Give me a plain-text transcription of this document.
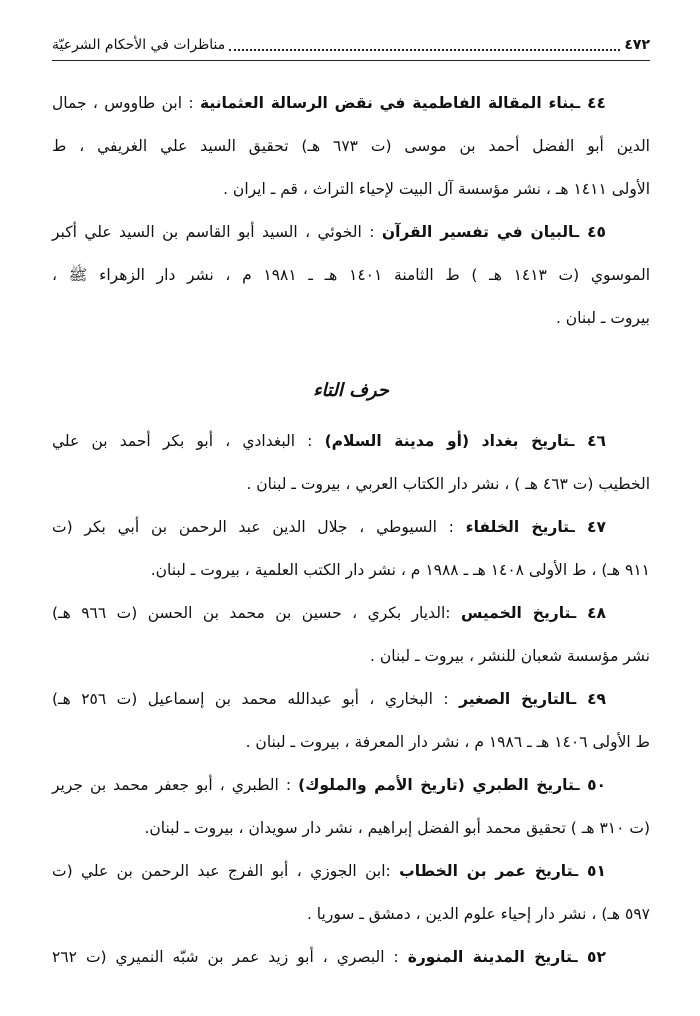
٤٧٢
مناظرات في الأحكام الشرعيّة
٤٤ ـبناء المقالة الفاطمية في نقض الرسالة العثمانية : ابن طاووس ، جمال
الدين أبو الفضل أحمد بن موسى (ت ٦٧٣ هـ) تحقيق السيد علي الغريفي ، ط
الأولى ١٤١١ هـ ، نشر مؤسسة آل البيت لإحياء التراث ، قم ـ ايران .
٤٥ ـالبيان في تفسير القرآن : الخوئي ، السيد أبو القاسم بن السيد علي أكبر
الموسوي (ت ١٤١٣ هـ ) ط الثامنة ١٤٠١ هـ ـ ١٩٨١ م ، نشر دار الزهراء ﷺ ،
بيروت ـ لبنان .
حرف التاء
٤٦ ـتاريخ بغداد (أو مدينة السلام) : البغدادي ، أبو بكر أحمد بن علي
الخطيب (ت ٤٦٣ هـ ) ، نشر دار الكتاب العربي ، بيروت ـ لبنان .
٤٧ ـتاريخ الخلفاء : السيوطي ، جلال الدين عبد الرحمن بن أبي بكر (ت
٩١١ هـ) ، ط الأولى ١٤٠٨ هـ ـ ١٩٨٨ م ، نشر دار الكتب العلمية ، بيروت ـ لبنان.
٤٨ ـتاريخ الخميس :الديار بكري ، حسين بن محمد بن الحسن (ت ٩٦٦ هـ)
نشر مؤسسة شعبان للنشر ، بيروت ـ لبنان .
٤٩ ـالتاريخ الصغير : البخاري ، أبو عبدالله محمد بن إسماعيل (ت ٢٥٦ هـ)
ط الأولى ١٤٠٦ هـ ـ ١٩٨٦ م ، نشر دار المعرفة ، بيروت ـ لبنان .
٥٠ ـتاريخ الطبري (تاريخ الأمم والملوك) : الطبري ، أبو جعفر محمد بن جرير
(ت ٣١٠ هـ ) تحقيق محمد أبو الفضل إبراهيم ، نشر دار سويدان ، بيروت ـ لبنان.
٥١ ـتاريخ عمر بن الخطاب :ابن الجوزي ، أبو الفرج عبد الرحمن بن علي (ت
٥٩٧ هـ) ، نشر دار إحياء علوم الدين ، دمشق ـ سوريا .
٥٢ ـتاريخ المدينة المنورة : البصري ، أبو زيد عمر بن شبّه النميري (ت ٢٦٢
